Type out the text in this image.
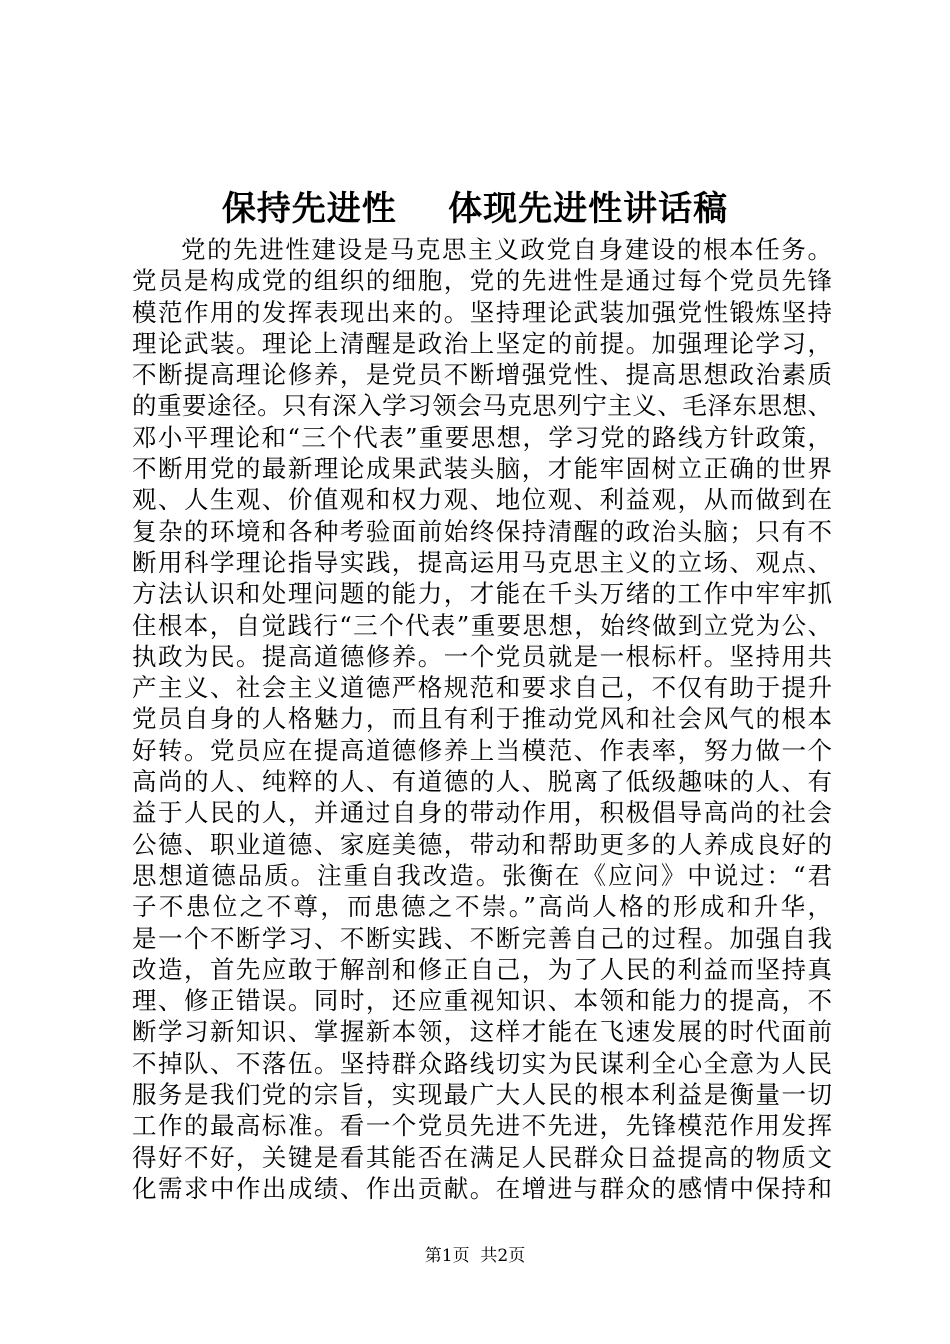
保持先进性    体现先进性讲话稿
党的先进性建设是马克思主义政党自身建设的根本任务。
党员是构成党的组织的细胞，党的先进性是通过每个党员先锋
模范作用的发挥表现出来的。坚持理论武装加强党性锻炼坚持
理论武装。理论上清醒是政治上坚定的前提。加强理论学习，
不断提高理论修养，是党员不断增强党性、提高思想政治素质
的重要途径。只有深入学习领会马克思列宁主义、毛泽东思想、
邓小平理论和“三个代表”重要思想，学习党的路线方针政策，
不断用党的最新理论成果武装头脑，才能牢固树立正确的世界
观、人生观、价值观和权力观、地位观、利益观，从而做到在
复杂的环境和各种考验面前始终保持清醒的政治头脑；只有不
断用科学理论指导实践，提高运用马克思主义的立场、观点、
方法认识和处理问题的能力，才能在千头万绪的工作中牢牢抓
住根本，自觉践行“三个代表”重要思想，始终做到立党为公、
执政为民。提高道德修养。一个党员就是一根标杆。坚持用共
产主义、社会主义道德严格规范和要求自己，不仅有助于提升
党员自身的人格魅力，而且有利于推动党风和社会风气的根本
好转。党员应在提高道德修养上当模范、作表率，努力做一个
高尚的人、纯粹的人、有道德的人、脱离了低级趣味的人、有
益于人民的人，并通过自身的带动作用，积极倡导高尚的社会
公德、职业道德、家庭美德，带动和帮助更多的人养成良好的
思想道德品质。注重自我改造。张衡在《应问》中说过：“君
子不患位之不尊，而患德之不崇。”高尚人格的形成和升华，
是一个不断学习、不断实践、不断完善自己的过程。加强自我
改造，首先应敢于解剖和修正自己，为了人民的利益而坚持真
理、修正错误。同时，还应重视知识、本领和能力的提高，不
断学习新知识、掌握新本领，这样才能在飞速发展的时代面前
不掉队、不落伍。坚持群众路线切实为民谋利全心全意为人民
服务是我们党的宗旨，实现最广大人民的根本利益是衡量一切
工作的最高标准。看一个党员先进不先进，先锋模范作用发挥
得好不好，关键是看其能否在满足人民群众日益提高的物质文
化需求中作出成绩、作出贡献。在增进与群众的感情中保持和
第1页  共2页
